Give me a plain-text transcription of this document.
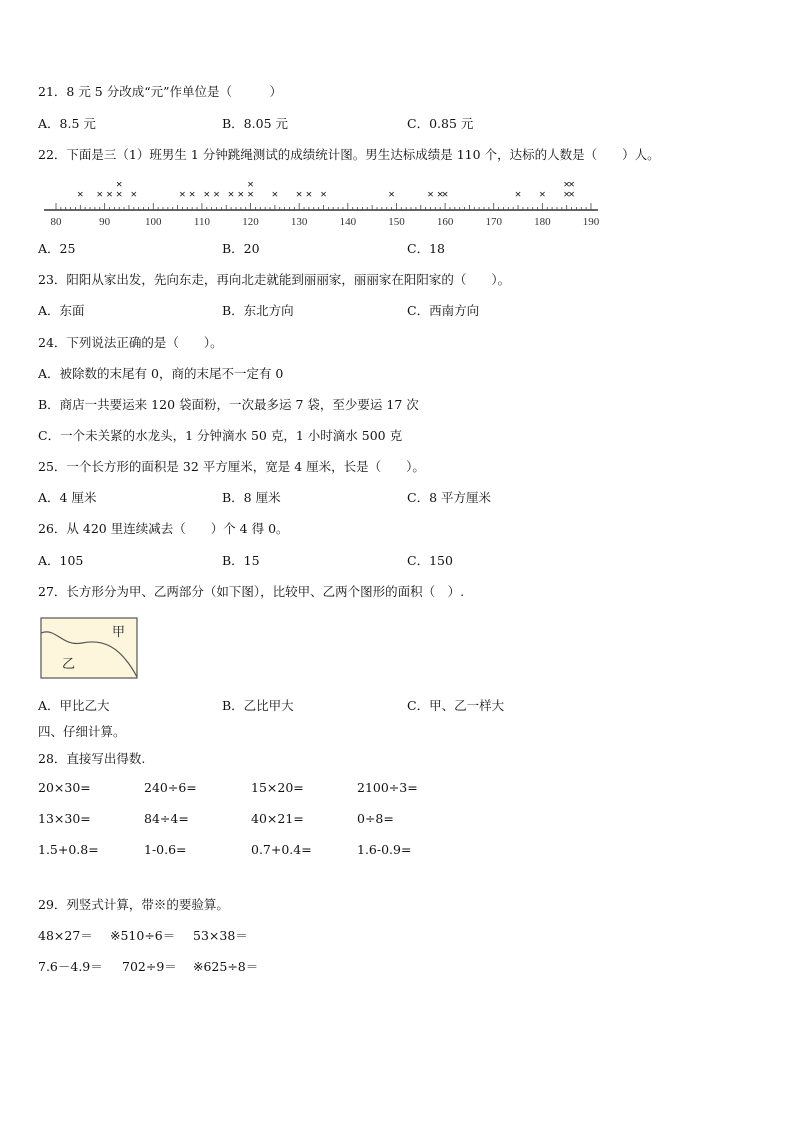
21．8 元 5 分改成“元”作单位是（　　　）
A．8.5 元	B．8.05 元	C．0.85 元
22．下面是三（1）班男生 1 分钟跳绳测试的成绩统计图。男生达标成绩是 110 个，达标的人数是（　　）人。
80	90	100	110	120	130	140	150	160	170	180	190
× × × ×
×
×	× × × × × × ×
×
× × × ×	×	× ×
×	× × ×
×
×
×
A．25	B．20	C．18
23．阳阳从家出发，先向东走，再向北走就能到丽丽家，丽丽家在阳阳家的（　　）。
A．东面	B．东北方向	C．西南方向
24．下列说法正确的是（　　）。
A．被除数的末尾有 0，商的末尾不一定有 0
B．商店一共要运来 120 袋面粉，一次最多运 7 袋，至少要运 17 次
C．一个未关紧的水龙头，1 分钟滴水 50 克，1 小时滴水 500 克
25．一个长方形的面积是 32 平方厘米，宽是 4 厘米，长是（　　）。
A．4 厘米	B．8 厘米	C．8 平方厘米
26．从 420 里连续减去（　　）个 4 得 0。
A．105	B．15	C．150
27．长方形分为甲、乙两部分（如下图），比较甲、乙两个图形的面积（　）.
甲
乙
A．甲比乙大	B．乙比甲大	C．甲、乙一样大
四、仔细计算。
28．直接写出得数.
20×30=	240÷6=	15×20=	2100÷3=
13×30=	84÷4=	40×21=	0÷8=
1.5+0.8=	1-0.6=	0.7+0.4=	1.6-0.9=
29．列竖式计算，带※的要验算。
48×27＝ ※510÷6＝ 53×38＝
7.6－4.9＝ 702÷9＝ ※625÷8＝
